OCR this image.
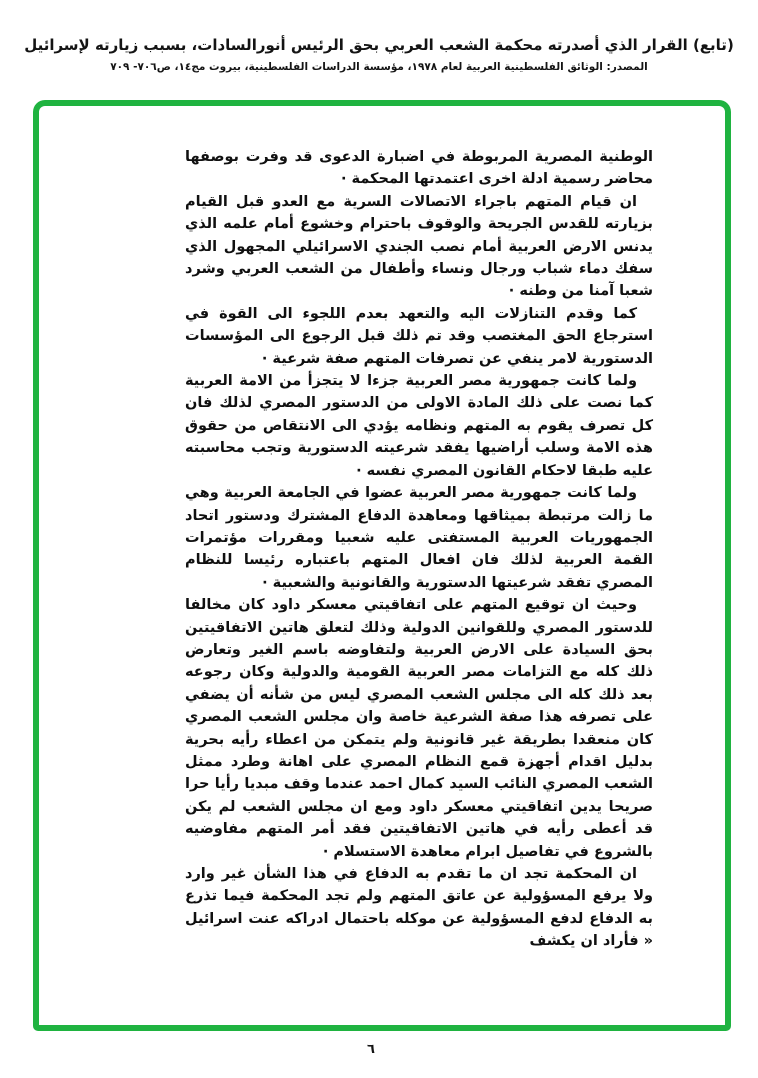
(تابع) القرار الذي أصدرته محكمة الشعب العربي بحق الرئيس أنورالسادات، بسبب زيارته لإسرائيل
المصدر: الوثائق الفلسطينية العربية لعام ١٩٧٨، مؤسسة الدراسات الفلسطينية، بيروت مج١٤، ص٧٠٦- ٧٠٩

الوطنية المصرية المربوطة في اضبارة الدعوى قد وفرت بوصفها محاضر رسمية ادلة اخرى اعتمدتها المحكمة ·

ان قيام المتهم باجراء الاتصالات السرية مع العدو قبل القيام بزيارته للقدس الجريحة والوقوف باحترام وخشوع أمام علمه الذي يدنس الارض العربية أمام نصب الجندي الاسرائيلي المجهول الذي سفك دماء شباب ورجال ونساء وأطفال من الشعب العربي وشرد شعبا آمنا من وطنه ·

كما وقدم التنازلات اليه والتعهد بعدم اللجوء الى القوة في استرجاع الحق المغتصب وقد تم ذلك قبل الرجوع الى المؤسسات الدستورية لامر ينفي عن تصرفات المتهم صفة شرعية ·

ولما كانت جمهورية مصر العربية جزءا لا يتجزأ من الامة العربية كما نصت على ذلك المادة الاولى من الدستور المصري لذلك فان كل تصرف يقوم به المتهم ونظامه يؤدي الى الانتقاص من حقوق هذه الامة وسلب أراضيها يفقد شرعيته الدستورية وتجب محاسبته عليه طبقا لاحكام القانون المصري نفسه ·

ولما كانت جمهورية مصر العربية عضوا في الجامعة العربية وهي ما زالت مرتبطة بميثاقها ومعاهدة الدفاع المشترك ودستور اتحاد الجمهوريات العربية المستفتى عليه شعبيا ومقررات مؤتمرات القمة العربية لذلك فان افعال المتهم باعتباره رئيسا للنظام المصري تفقد شرعيتها الدستورية والقانونية والشعبية ·

وحيث ان توقيع المتهم على اتفاقيتي معسكر داود كان مخالفا للدستور المصري وللقوانين الدولية وذلك لتعلق هاتين الاتفاقيتين بحق السيادة على الارض العربية ولتفاوضه باسم الغير وتعارض ذلك كله مع التزامات مصر العربية القومية والدولية وكان رجوعه بعد ذلك كله الى مجلس الشعب المصري ليس من شأنه أن يضفي على تصرفه هذا صفة الشرعية خاصة وان مجلس الشعب المصري كان منعقدا بطريقة غير قانونية ولم يتمكن من اعطاء رأيه بحرية بدليل اقدام أجهزة قمع النظام المصري على اهانة وطرد ممثل الشعب المصري النائب السيد كمال احمد عندما وقف مبديا رأيا حرا صريحا يدين اتفاقيتي معسكر داود ومع ان مجلس الشعب لم يكن قد أعطى رأيه في هاتين الاتفاقيتين فقد أمر المتهم مفاوضيه بالشروع في تفاصيل ابرام معاهدة الاستسلام ·

ان المحكمة تجد ان ما تقدم به الدفاع في هذا الشأن غير وارد ولا يرفع المسؤولية عن عاتق المتهم ولم تجد المحكمة فيما تذرع به الدفاع لدفع المسؤولية عن موكله باحتمال ادراكه عنت اسرائيل « فأراد ان يكشف

٦
